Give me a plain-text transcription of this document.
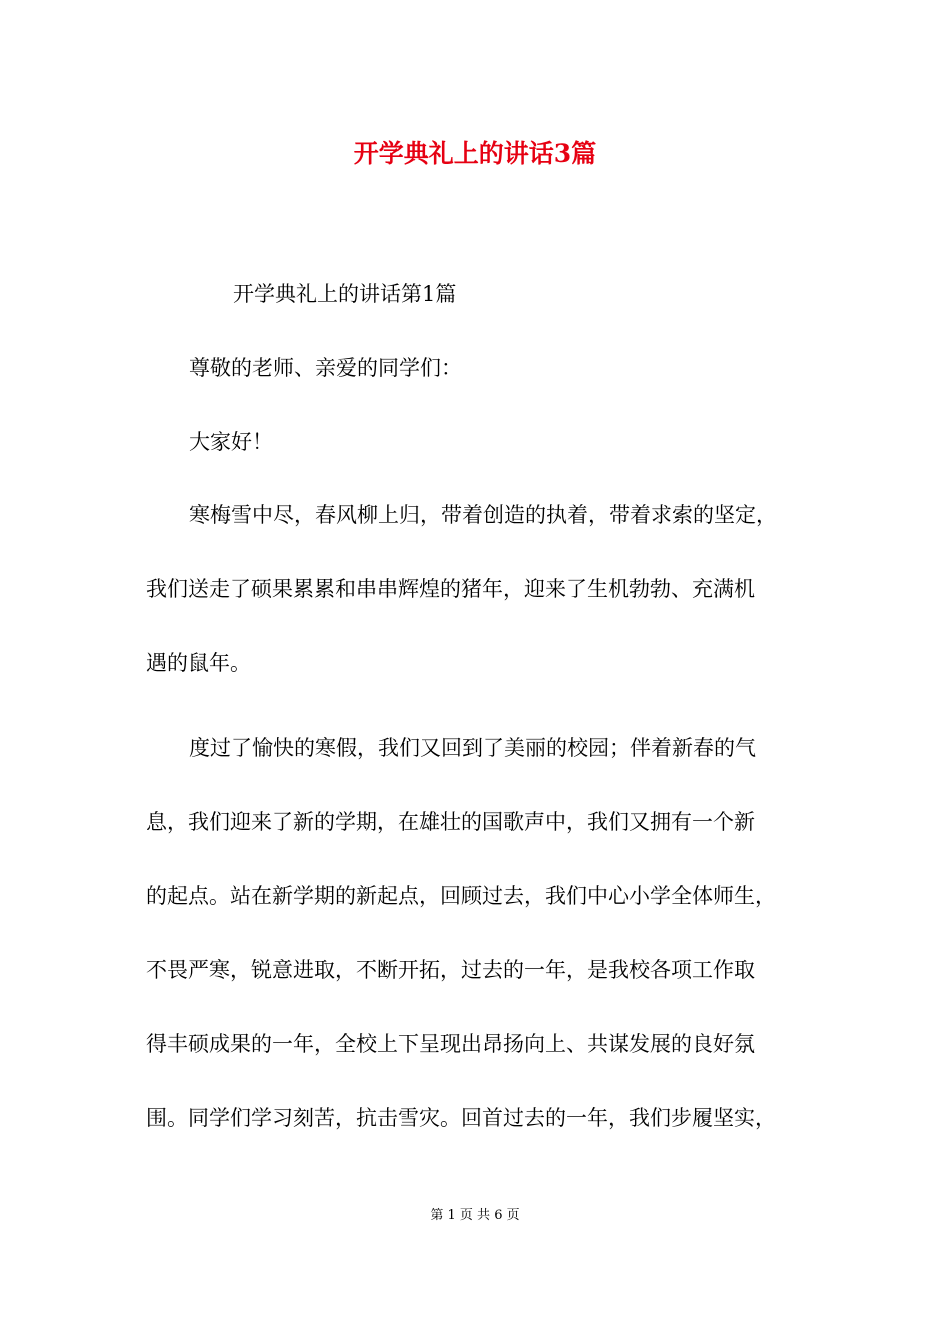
开学典礼上的讲话3篇

开学典礼上的讲话第1篇

尊敬的老师、亲爱的同学们：

大家好！

寒梅雪中尽，春风柳上归，带着创造的执着，带着求索的坚定，
我们送走了硕果累累和串串辉煌的猪年，迎来了生机勃勃、充满机
遇的鼠年。
度过了愉快的寒假，我们又回到了美丽的校园；伴着新春的气
息，我们迎来了新的学期，在雄壮的国歌声中，我们又拥有一个新
的起点。站在新学期的新起点，回顾过去，我们中心小学全体师生，
不畏严寒，锐意进取，不断开拓，过去的一年，是我校各项工作取
得丰硕成果的一年，全校上下呈现出昂扬向上、共谋发展的良好氛
围。同学们学习刻苦，抗击雪灾。回首过去的一年，我们步履坚实，

第 1 页 共 6 页
